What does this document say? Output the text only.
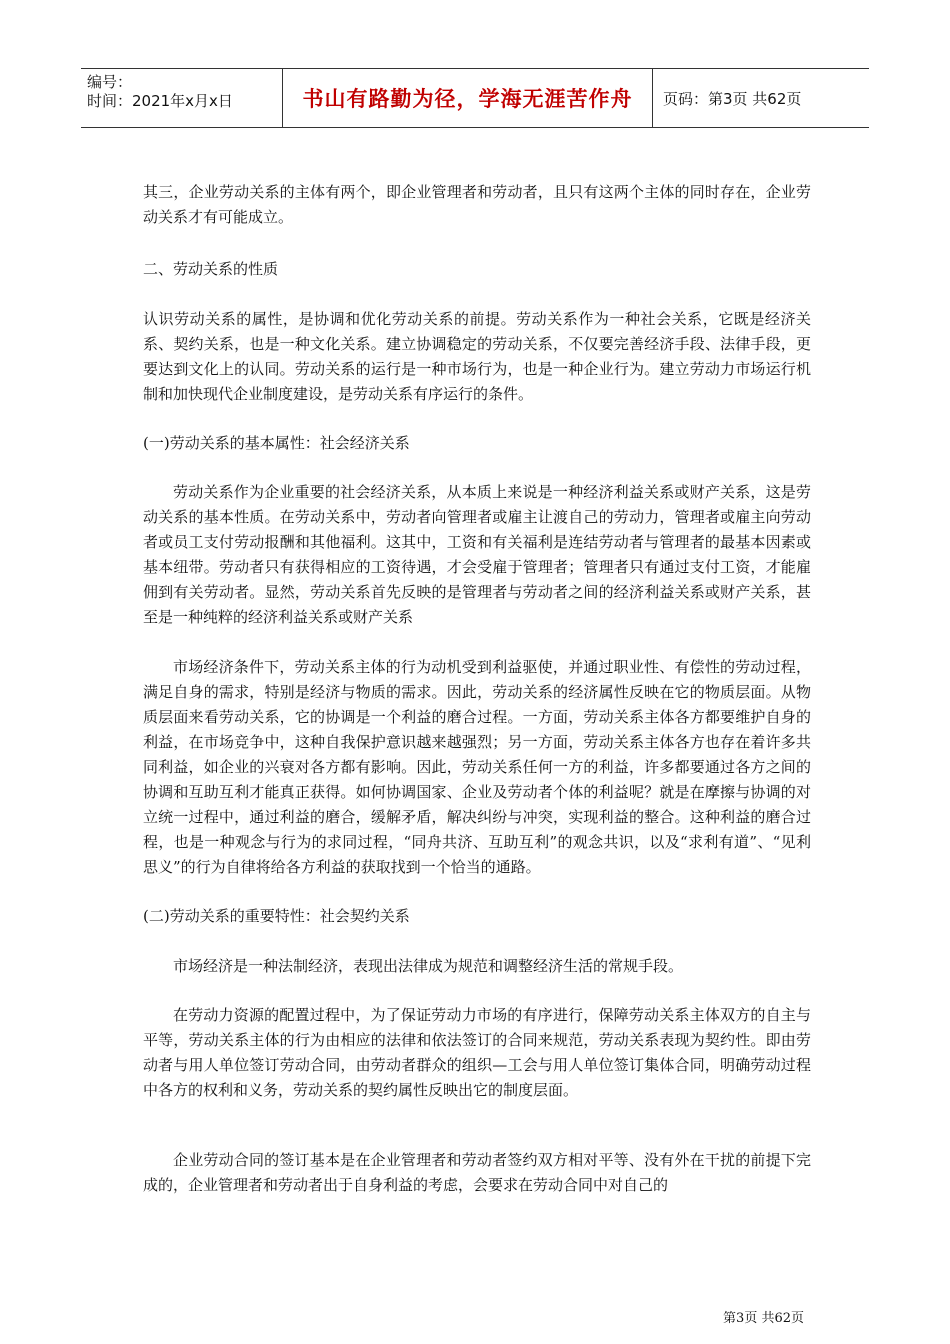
编号：
时间：2021年x月x日	书山有路勤为径，学海无涯苦作舟	页码：第3页 共62页

其三，企业劳动关系的主体有两个，即企业管理者和劳动者，且只有这两个主体的同时存在，企业劳动关系才有可能成立。

二、劳动关系的性质

认识劳动关系的属性，是协调和优化劳动关系的前提。劳动关系作为一种社会关系，它既是经济关系、契约关系，也是一种文化关系。建立协调稳定的劳动关系，不仅要完善经济手段、法律手段，更要达到文化上的认同。劳动关系的运行是一种市场行为，也是一种企业行为。建立劳动力市场运行机制和加快现代企业制度建设，是劳动关系有序运行的条件。

(一)劳动关系的基本属性：社会经济关系

劳动关系作为企业重要的社会经济关系，从本质上来说是一种经济利益关系或财产关系，这是劳动关系的基本性质。在劳动关系中，劳动者向管理者或雇主让渡自己的劳动力，管理者或雇主向劳动者或员工支付劳动报酬和其他福利。这其中，工资和有关福利是连结劳动者与管理者的最基本因素或基本纽带。劳动者只有获得相应的工资待遇，才会受雇于管理者；管理者只有通过支付工资，才能雇佣到有关劳动者。显然，劳动关系首先反映的是管理者与劳动者之间的经济利益关系或财产关系，甚至是一种纯粹的经济利益关系或财产关系

市场经济条件下，劳动关系主体的行为动机受到利益驱使，并通过职业性、有偿性的劳动过程，满足自身的需求，特别是经济与物质的需求。因此，劳动关系的经济属性反映在它的物质层面。从物质层面来看劳动关系，它的协调是一个利益的磨合过程。一方面，劳动关系主体各方都要维护自身的利益，在市场竞争中，这种自我保护意识越来越强烈；另一方面，劳动关系主体各方也存在着许多共同利益，如企业的兴衰对各方都有影响。因此，劳动关系任何一方的利益，许多都要通过各方之间的协调和互助互利才能真正获得。如何协调国家、企业及劳动者个体的利益呢？就是在摩擦与协调的对立统一过程中，通过利益的磨合，缓解矛盾，解决纠纷与冲突，实现利益的整合。这种利益的磨合过程，也是一种观念与行为的求同过程，“同舟共济、互助互利”的观念共识，以及“求利有道”、“见利思义”的行为自律将给各方利益的获取找到一个恰当的通路。

(二)劳动关系的重要特性：社会契约关系

市场经济是一种法制经济，表现出法律成为规范和调整经济生活的常规手段。

在劳动力资源的配置过程中，为了保证劳动力市场的有序进行，保障劳动关系主体双方的自主与平等，劳动关系主体的行为由相应的法律和依法签订的合同来规范，劳动关系表现为契约性。即由劳动者与用人单位签订劳动合同，由劳动者群众的组织—工会与用人单位签订集体合同，明确劳动过程中各方的权利和义务，劳动关系的契约属性反映出它的制度层面。

企业劳动合同的签订基本是在企业管理者和劳动者签约双方相对平等、没有外在干扰的前提下完成的，企业管理者和劳动者出于自身利益的考虑，会要求在劳动合同中对自己的

第3页 共62页
